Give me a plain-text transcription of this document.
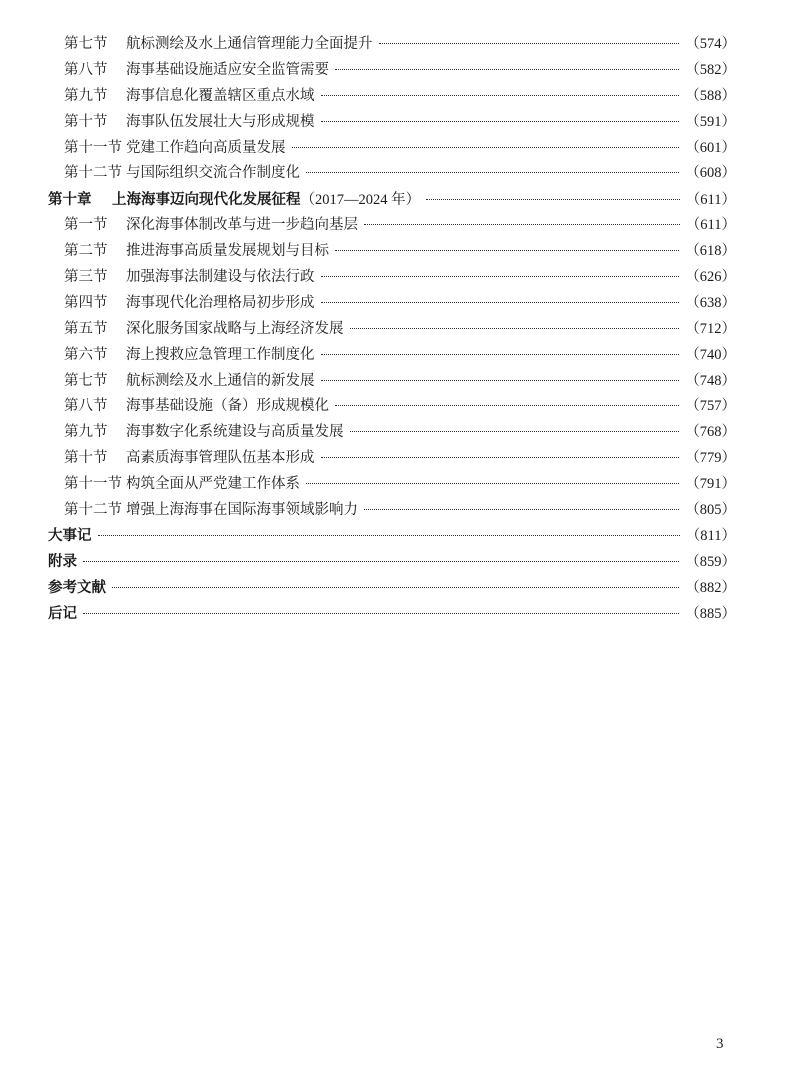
第七节	航标测绘及水上通信管理能力全面提升	（574）
第八节	海事基础设施适应安全监管需要	（582）
第九节	海事信息化覆盖辖区重点水域	（588）
第十节	海事队伍发展壮大与形成规模	（591）
第十一节 党建工作趋向高质量发展	（601）
第十二节 与国际组织交流合作制度化	（608）
第十章	上海海事迈向现代化发展征程（2017—2024 年）	（611）
第一节	深化海事体制改革与进一步趋向基层	（611）
第二节	推进海事高质量发展规划与目标	（618）
第三节	加强海事法制建设与依法行政	（626）
第四节	海事现代化治理格局初步形成	（638）
第五节	深化服务国家战略与上海经济发展	（712）
第六节	海上搜救应急管理工作制度化	（740）
第七节	航标测绘及水上通信的新发展	（748）
第八节	海事基础设施（备）形成规模化	（757）
第九节	海事数字化系统建设与高质量发展	（768）
第十节	高素质海事管理队伍基本形成	（779）
第十一节 构筑全面从严党建工作体系	（791）
第十二节 增强上海海事在国际海事领域影响力	（805）
大事记	（811）
附录	（859）
参考文献	（882）
后记	（885）
3
